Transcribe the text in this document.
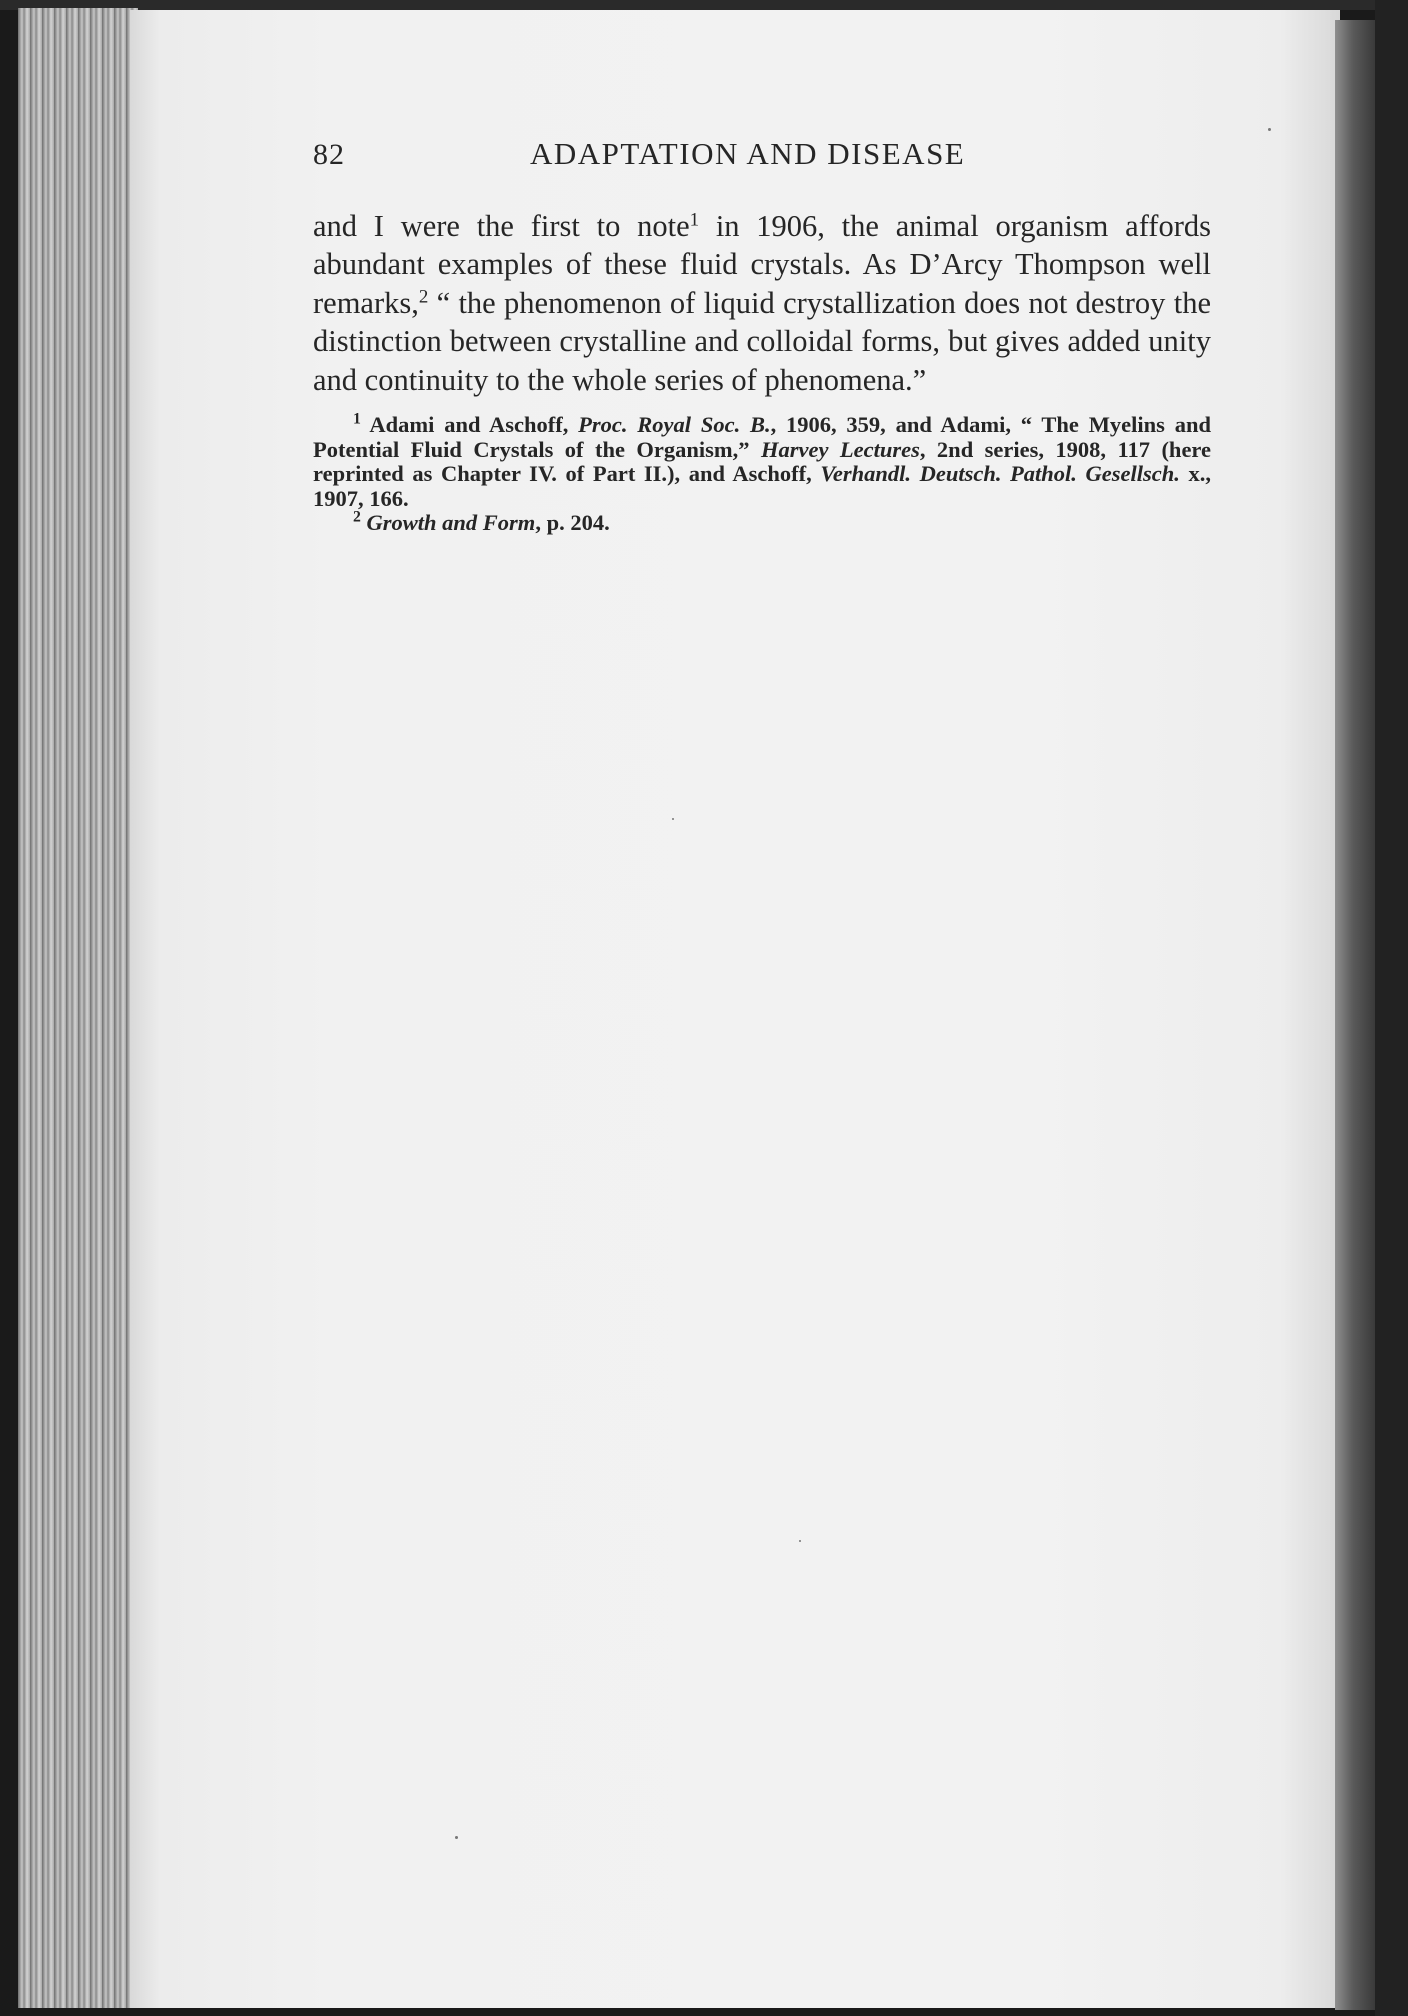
82	ADAPTATION AND DISEASE

and I were the first to note$^1$ in 1906, the animal organism affords abundant examples of these fluid crystals. As D’Arcy Thompson well remarks,$^2$ “ the phenomenon of liquid crystallization does not destroy the distinction between crystalline and colloidal forms, but gives added unity and continuity to the whole series of phenomena.”

$^1$ Adami and Aschoff, Proc. Royal Soc. B., 1906, 359, and Adami, “ The Myelins and Potential Fluid Crystals of the Organism,” Harvey Lectures, 2nd series, 1908, 117 (here reprinted as Chapter IV. of Part II.), and Aschoff, Verhandl. Deutsch. Pathol. Gesellsch. x., 1907, 166.

$^2$ Growth and Form, p. 204.
